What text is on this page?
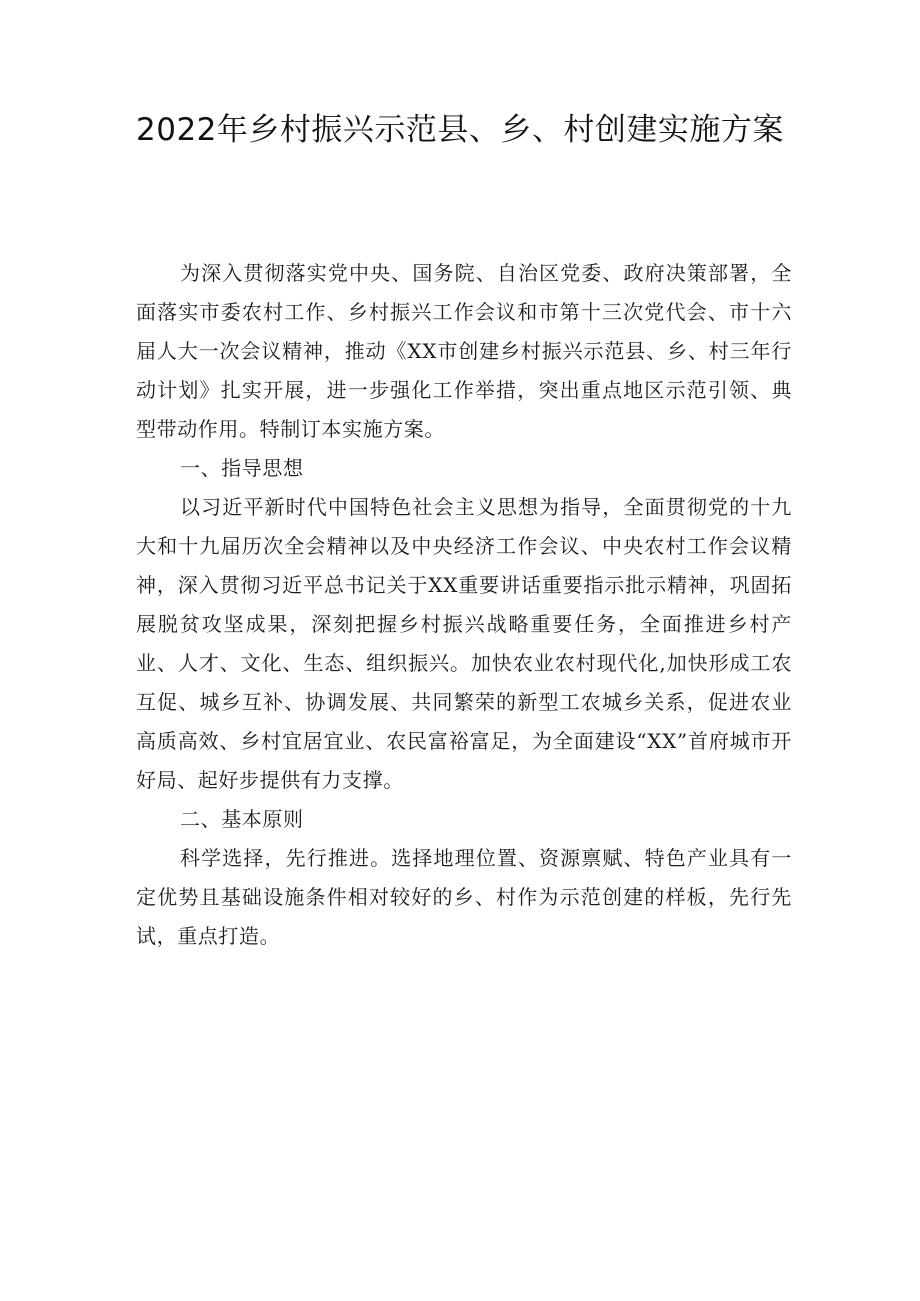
2022年乡村振兴示范县、乡、村创建实施方案

为深入贯彻落实党中央、国务院、自治区党委、政府决策部署，全面落实市委农村工作、乡村振兴工作会议和市第十三次党代会、市十六届人大一次会议精神，推动《XX市创建乡村振兴示范县、乡、村三年行动计划》扎实开展，进一步强化工作举措，突出重点地区示范引领、典型带动作用。特制订本实施方案。

一、指导思想

以习近平新时代中国特色社会主义思想为指导，全面贯彻党的十九大和十九届历次全会精神以及中央经济工作会议、中央农村工作会议精神，深入贯彻习近平总书记关于XX重要讲话重要指示批示精神，巩固拓展脱贫攻坚成果，深刻把握乡村振兴战略重要任务，全面推进乡村产业、人才、文化、生态、组织振兴。加快农业农村现代化,加快形成工农互促、城乡互补、协调发展、共同繁荣的新型工农城乡关系，促进农业高质高效、乡村宜居宜业、农民富裕富足，为全面建设“XX”首府城市开好局、起好步提供有力支撑。

二、基本原则

科学选择，先行推进。选择地理位置、资源禀赋、特色产业具有一定优势且基础设施条件相对较好的乡、村作为示范创建的样板，先行先试，重点打造。
